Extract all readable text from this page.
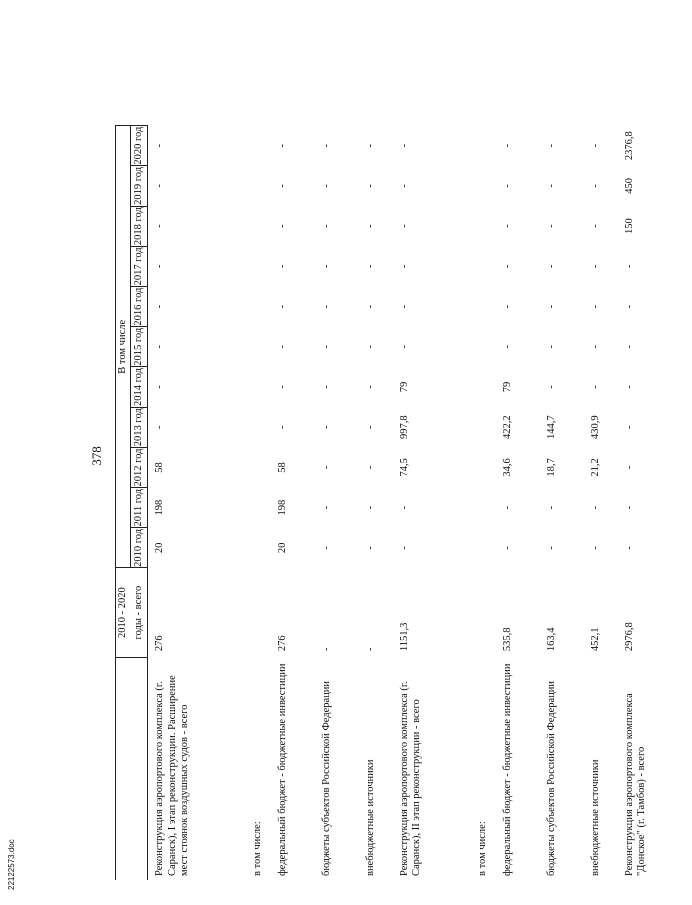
378
	2010 - 2020	В том числе											
	годы - всего	2010 год	2011 год	2012 год	2013 год	2014 год	2015 год	2016 год	2017 год	2018 год	2019 год	2020 год	
Реконструкция аэропортового комплекса (г. Саранск), I этап реконструкции. Расширение мест стоянок воздушных судов - всего	276	20	198	58	-	-	-	-	-	-	-	-	
в том числе:													
федеральный бюджет - бюджетные инвестиции	276	20	198	58	-	-	-	-	-	-	-	-	
бюджеты субъектов Российской Федерации	-	-	-	-	-	-	-	-	-	-	-	-	
внебюджетные источники	-	-	-	-	-	-	-	-	-	-	-	-	
Реконструкция аэропортового комплекса (г. Саранск), II этап реконструкции - всего	1151,3	-	-	74,5	997,8	79	-	-	-	-	-	-	
в том числе:													
федеральный бюджет - бюджетные инвестиции	535,8	-	-	34,6	422,2	79	-	-	-	-	-	-	
бюджеты субъектов Российской Федерации	163,4	-	-	18,7	144,7	-	-	-	-	-	-	-	
внебюджетные источники	452,1	-	-	21,2	430,9	-	-	-	-	-	-	-	
Реконструкция аэропортового комплекса "Донское" (г. Тамбов) - всего	2976,8	-	-	-	-	-	-	-	-	150	450	2376,8	
22122573.doc
